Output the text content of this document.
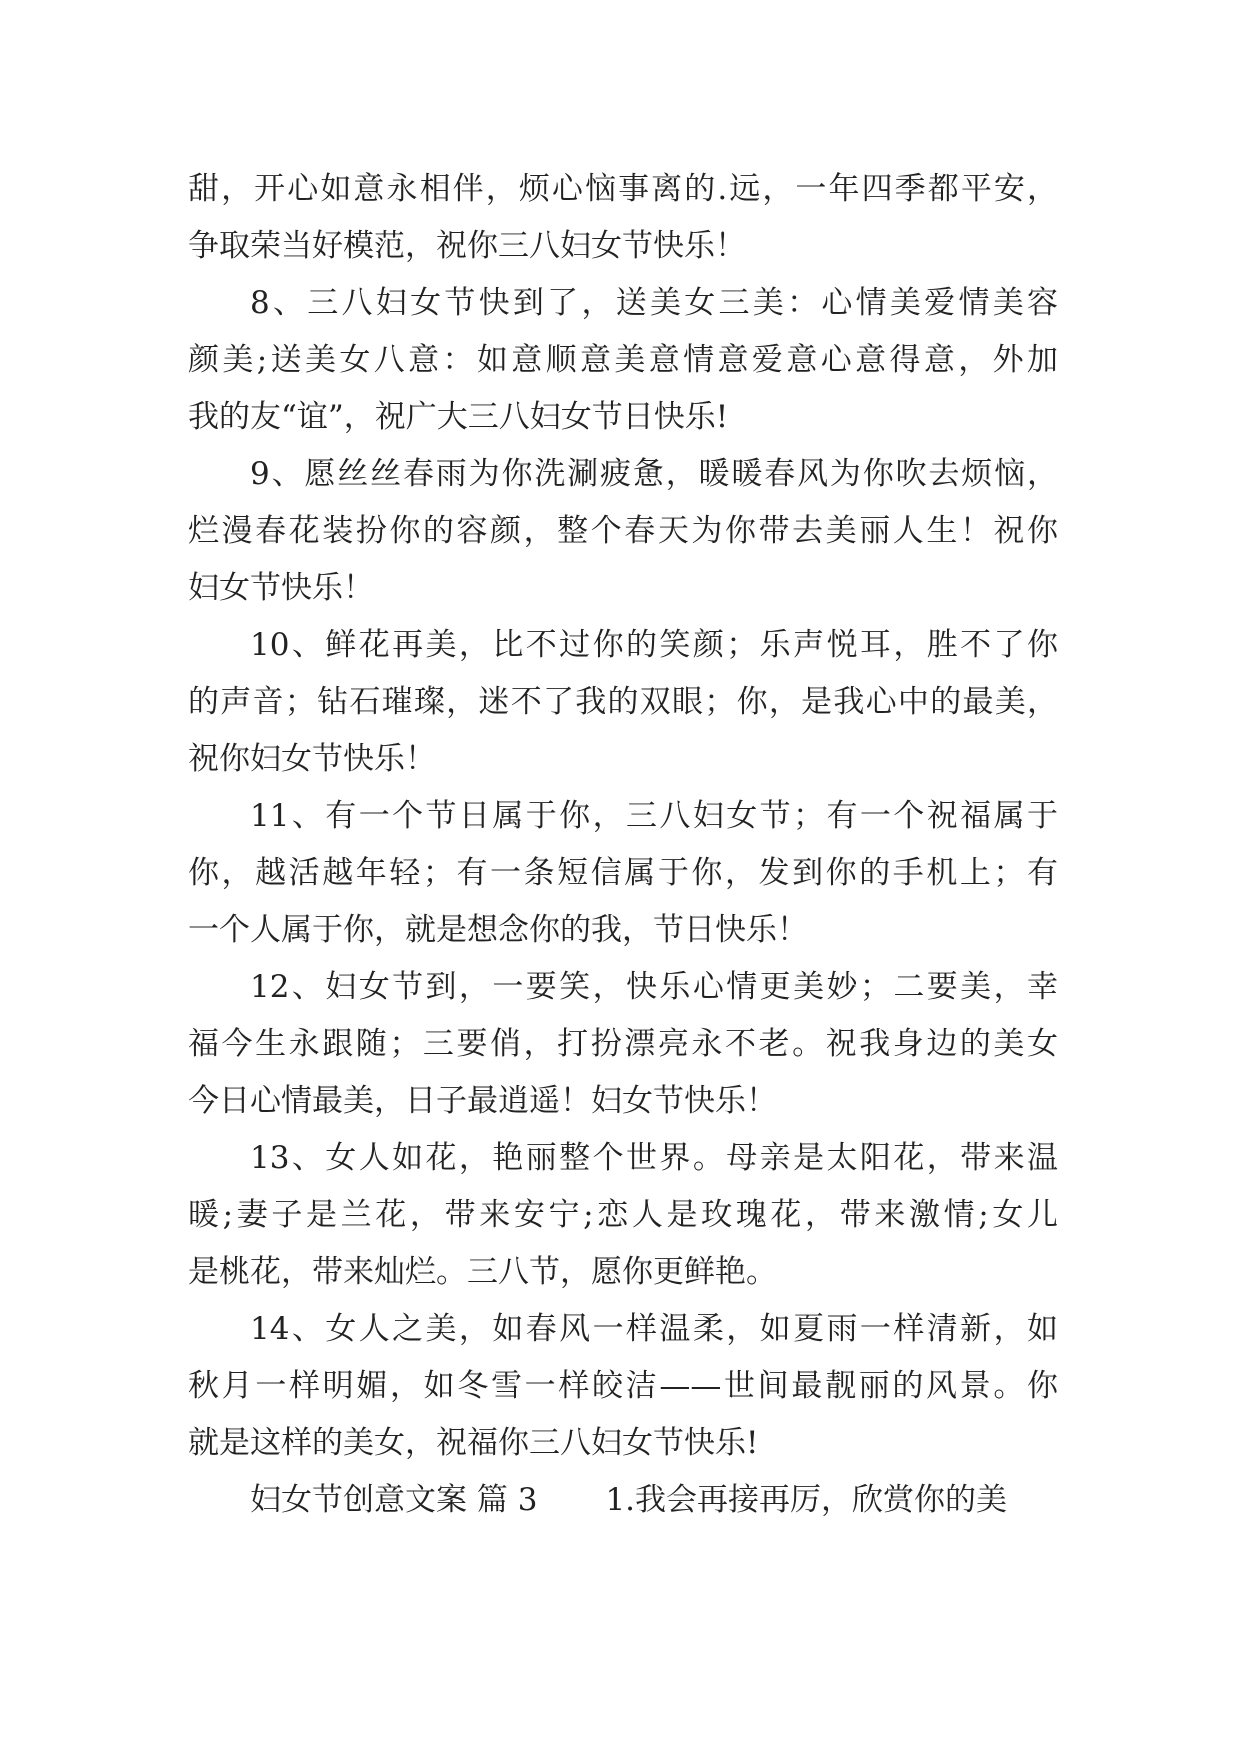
甜，开心如意永相伴，烦心恼事离的.远，一年四季都平安，
争取荣当好模范，祝你三八妇女节快乐！
8、三八妇女节快到了，送美女三美：心情美爱情美容
颜美;送美女八意：如意顺意美意情意爱意心意得意，外加
我的友“谊”，祝广大三八妇女节日快乐!
9、愿丝丝春雨为你洗涮疲惫，暖暖春风为你吹去烦恼，
烂漫春花装扮你的容颜，整个春天为你带去美丽人生！祝你
妇女节快乐！
10、鲜花再美，比不过你的笑颜；乐声悦耳，胜不了你
的声音；钻石璀璨，迷不了我的双眼；你，是我心中的最美，
祝你妇女节快乐！
11、有一个节日属于你，三八妇女节；有一个祝福属于
你，越活越年轻；有一条短信属于你，发到你的手机上；有
一个人属于你，就是想念你的我，节日快乐！
12、妇女节到，一要笑，快乐心情更美妙；二要美，幸
福今生永跟随；三要俏，打扮漂亮永不老。祝我身边的美女
今日心情最美，日子最逍遥！妇女节快乐！
13、女人如花，艳丽整个世界。母亲是太阳花，带来温
暖;妻子是兰花，带来安宁;恋人是玫瑰花，带来激情;女儿
是桃花，带来灿烂。三八节，愿你更鲜艳。
14、女人之美，如春风一样温柔，如夏雨一样清新，如
秋月一样明媚，如冬雪一样皎洁——世间最靓丽的风景。你
就是这样的美女，祝福你三八妇女节快乐!
妇女节创意文案 篇 3 1.我会再接再厉，欣赏你的美
